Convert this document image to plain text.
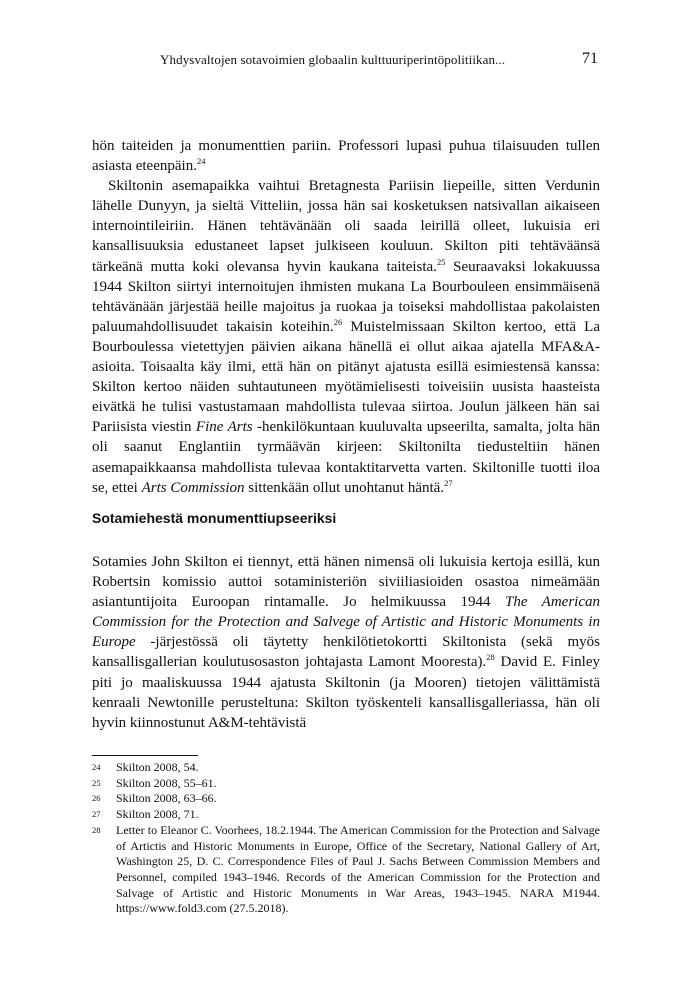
Yhdysvaltojen sotavoimien globaalin kulttuuriperintöpolitiikan...	71

hön taiteiden ja monumenttien pariin. Professori lupasi puhua tilaisuuden tullen asiasta eteenpäin.$^{24}$

Skiltonin asemapaikka vaihtui Bretagnesta Pariisin liepeille, sitten Verdunin lähelle Dunyyn, ja sieltä Vitteliin, jossa hän sai kosketuksen natsivallan aikaiseen internointileiriin. Hänen tehtävänään oli saada leirillä olleet, lukuisia eri kansallisuuksia edustaneet lapset julkiseen kouluun. Skilton piti tehtäväänsä tärkeänä mutta koki olevansa hyvin kaukana taiteista.$^{25}$ Seuraavaksi lokakuussa 1944 Skilton siirtyi internoitujen ihmisten mukana La Bourbouleen ensimmäisenä tehtävänään järjestää heille majoitus ja ruokaa ja toiseksi mahdollistaa pakolaisten paluumahdollisuudet takaisin koteihin.$^{26}$ Muistelmissaan Skilton kertoo, että La Bourboulessa vietettyjen päivien aikana hänellä ei ollut aikaa ajatella MFA&A-asioita. Toisaalta käy ilmi, että hän on pitänyt ajatusta esillä esimiestensä kanssa: Skilton kertoo näiden suhtautuneen myötämielisesti toiveisiin uusista haasteista eivätkä he tulisi vastustamaan mahdollista tulevaa siirtoa. Joulun jälkeen hän sai Pariisista viestin Fine Arts -henkilökuntaan kuuluvalta upseerilta, samalta, jolta hän oli saanut Englantiin tyrmäävän kirjeen: Skiltonilta tiedusteltiin hänen asemapaikkaansa mahdollista tulevaa kontaktitarvetta varten. Skiltonille tuotti iloa se, ettei Arts Commission sittenkään ollut unohtanut häntä.$^{27}$

Sotamiehestä monumenttiupseeriksi

Sotamies John Skilton ei tiennyt, että hänen nimensä oli lukuisia kertoja esillä, kun Robertsin komissio auttoi sotaministeriön siviiliasioiden osastoa nimeämään asiantuntijoita Euroopan rintamalle. Jo helmikuussa 1944 The American Commission for the Protection and Salvege of Artistic and Historic Monuments in Europe -järjestössä oli täytetty henkilötietokortti Skiltonista (sekä myös kansallisgallerian koulutusosaston johtajasta Lamont Mooresta).$^{28}$ David E. Finley piti jo maaliskuussa 1944 ajatusta Skiltonin (ja Mooren) tietojen välittämistä kenraali Newtonille perusteltuna: Skilton työskenteli kansallisgalleriassa, hän oli hyvin kiinnostunut A&M-tehtävistä

24	Skilton 2008, 54.
25	Skilton 2008, 55–61.
26	Skilton 2008, 63–66.
27	Skilton 2008, 71.
28	Letter to Eleanor C. Voorhees, 18.2.1944. The American Commission for the Protection and Salvage of Artictis and Historic Monuments in Europe, Office of the Secretary, National Gallery of Art, Washington 25, D. C. Correspondence Files of Paul J. Sachs Between Commission Members and Personnel, compiled 1943–1946. Records of the American Commission for the Protection and Salvage of Artistic and Historic Monuments in War Areas, 1943–1945. NARA M1944. https://www.fold3.com (27.5.2018).
